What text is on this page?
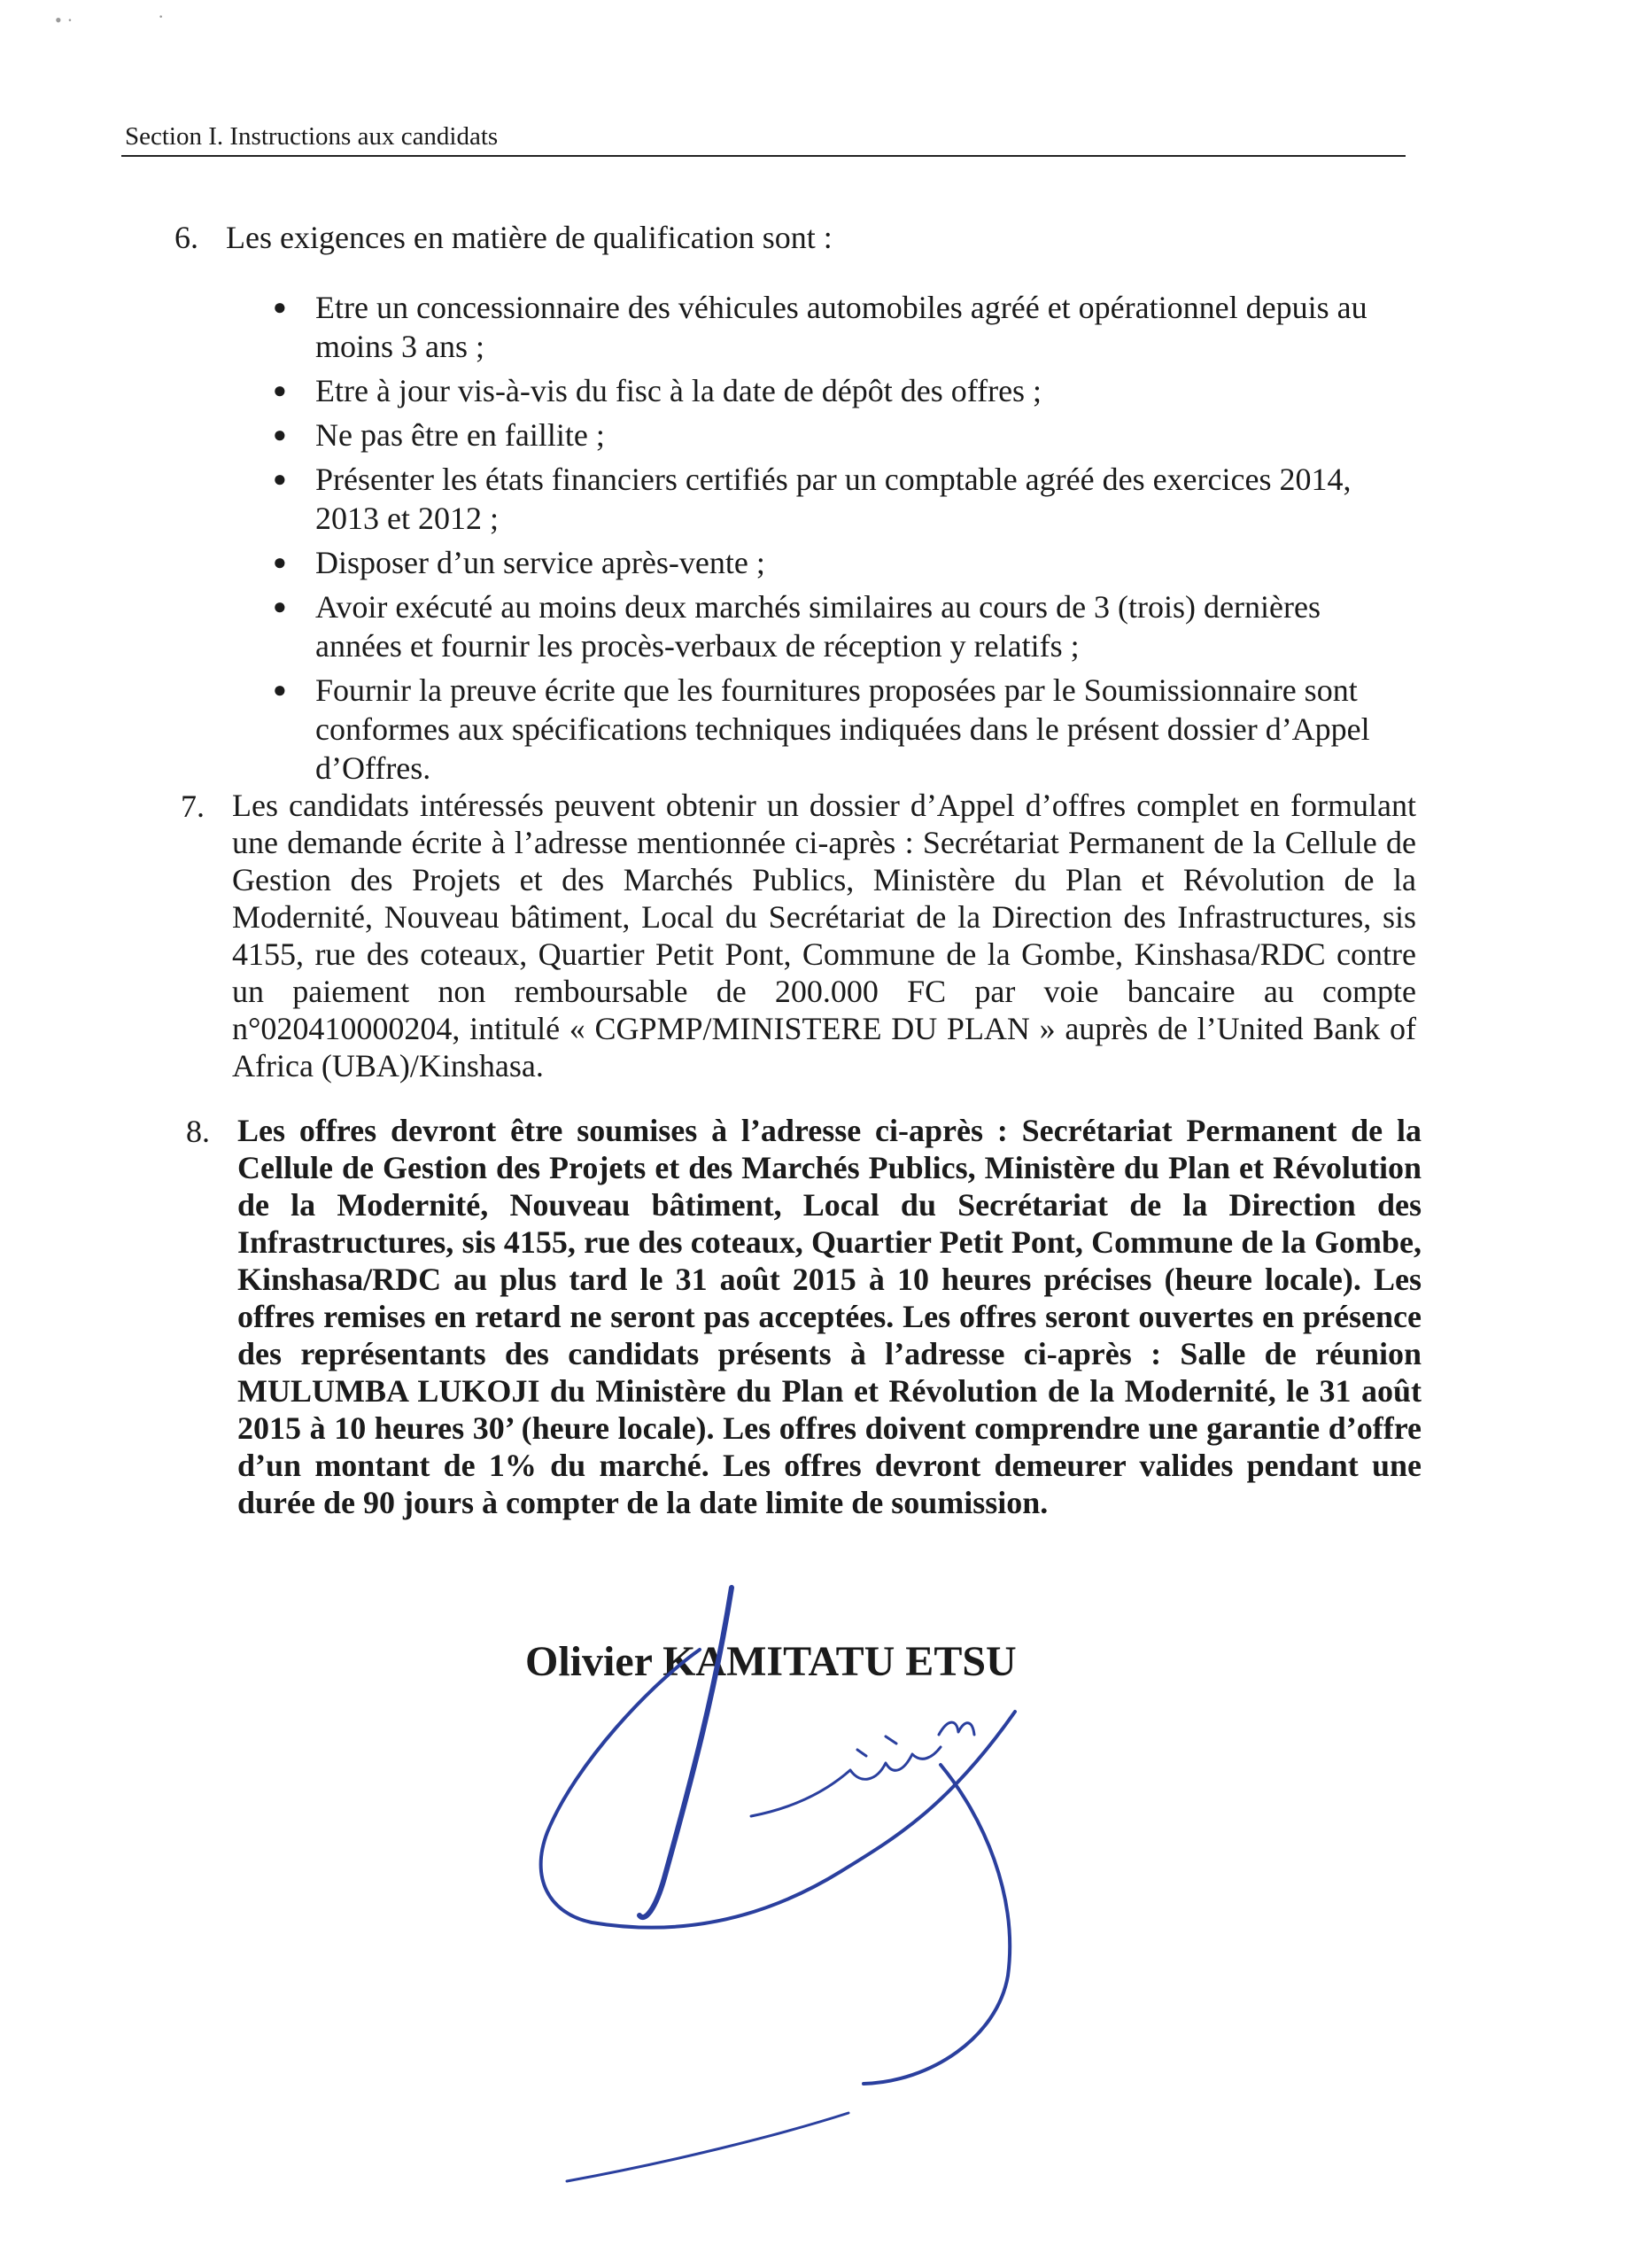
• ·	·
Section I. Instructions aux candidats
6. Les exigences en matière de qualification sont :

● Etre un concessionnaire des véhicules automobiles agréé et opérationnel depuis au moins 3 ans ;
● Etre à jour vis-à-vis du fisc à la date de dépôt des offres ;
● Ne pas être en faillite ;
● Présenter les états financiers certifiés par un comptable agréé des exercices 2014, 2013 et 2012 ;
● Disposer d’un service après-vente ;
● Avoir exécuté au moins deux marchés similaires au cours de 3 (trois) dernières années et fournir les procès-verbaux de réception y relatifs ;
● Fournir la preuve écrite que les fournitures proposées par le Soumissionnaire sont conformes aux spécifications techniques indiquées dans le présent dossier d’Appel d’Offres.
7. Les candidats intéressés peuvent obtenir un dossier d’Appel d’offres complet en formulant une demande écrite à l’adresse mentionnée ci-après : Secrétariat Permanent de la Cellule de Gestion des Projets et des Marchés Publics, Ministère du Plan et Révolution de la Modernité, Nouveau bâtiment, Local du Secrétariat de la Direction des Infrastructures, sis 4155, rue des coteaux, Quartier Petit Pont, Commune de la Gombe, Kinshasa/RDC contre un paiement non remboursable de 200.000 FC par voie bancaire au compte n°020410000204, intitulé « CGPMP/MINISTERE DU PLAN » auprès de l’United Bank of Africa (UBA)/Kinshasa.

8. Les offres devront être soumises à l’adresse ci-après : Secrétariat Permanent de la Cellule de Gestion des Projets et des Marchés Publics, Ministère du Plan et Révolution de la Modernité, Nouveau bâtiment, Local du Secrétariat de la Direction des Infrastructures, sis 4155, rue des coteaux, Quartier Petit Pont, Commune de la Gombe, Kinshasa/RDC au plus tard le 31 août 2015 à 10 heures précises (heure locale). Les offres remises en retard ne seront pas acceptées. Les offres seront ouvertes en présence des représentants des candidats présents à l’adresse ci-après : Salle de réunion MULUMBA LUKOJI du Ministère du Plan et Révolution de la Modernité, le 31 août 2015 à 10 heures 30’ (heure locale). Les offres doivent comprendre une garantie d’offre d’un montant de 1% du marché. Les offres devront demeurer valides pendant une durée de 90 jours à compter de la date limite de soumission.

Olivier KAMITATU ETSU
